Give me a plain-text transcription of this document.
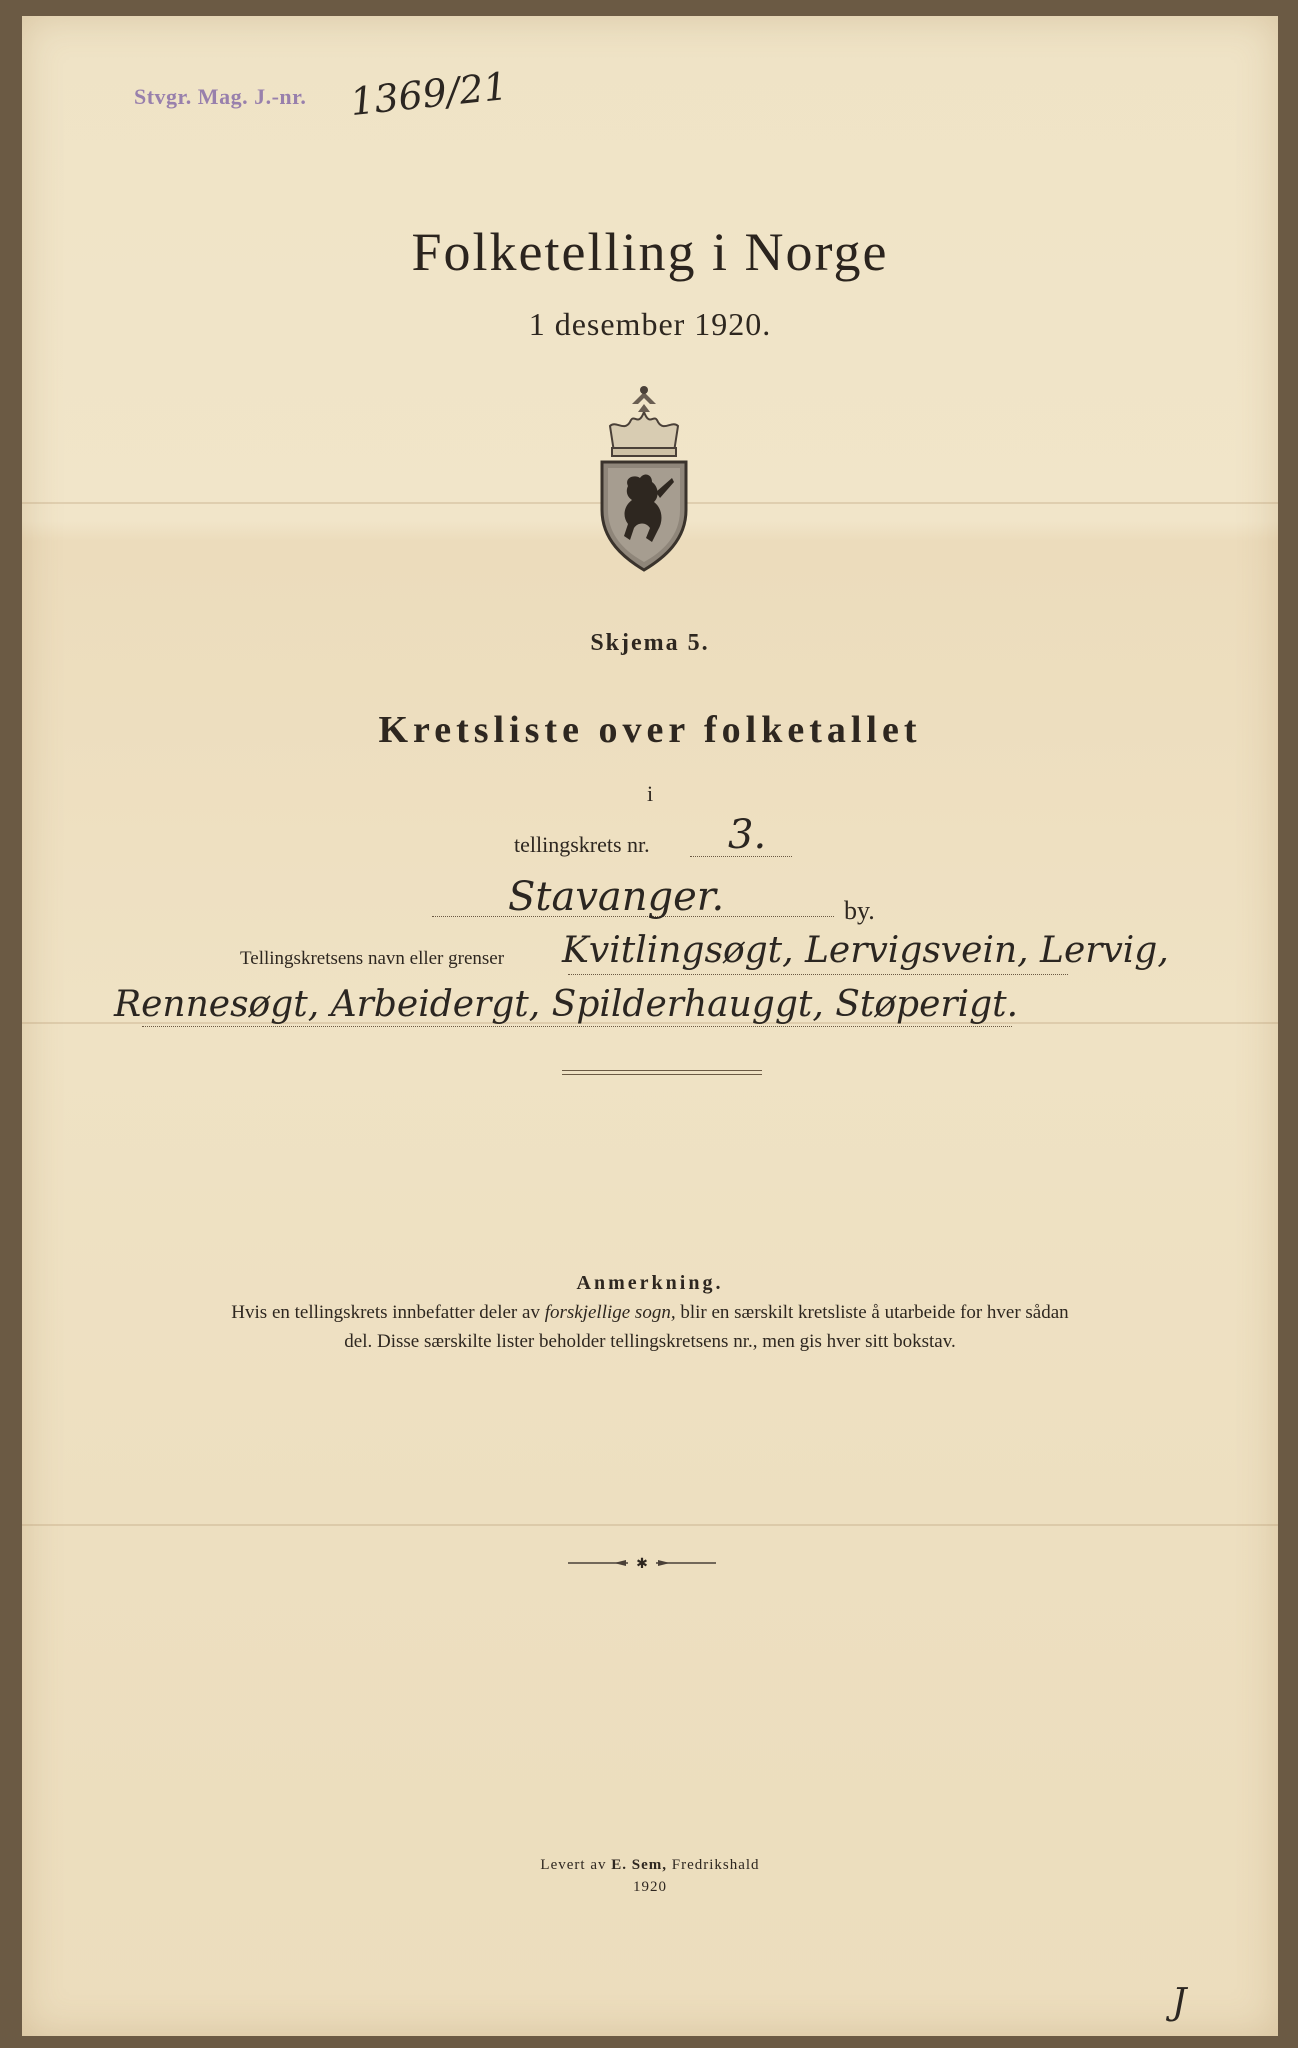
Stvgr. Mag. J.-nr. 1369/21
Folketelling i Norge
1 desember 1920.
Skjema 5.
Kretsliste over folketallet
i
tellingskrets nr. 3.
Stavanger.	by.
Tellingskretsens navn eller grenser Kvitlingsøgt, Lervigsvein, Lervig,
Rennesøgt, Arbeidergt, Spilderhauggt, Støperigt.
Anmerkning.
Hvis en tellingskrets innbefatter deler av forskjellige sogn, blir en særskilt kretsliste å utarbeide for hver sådan del. Disse særskilte lister beholder tellingskretsens nr., men gis hver sitt bokstav.
✱
Levert av E. Sem, Fredrikshald
1920
J
